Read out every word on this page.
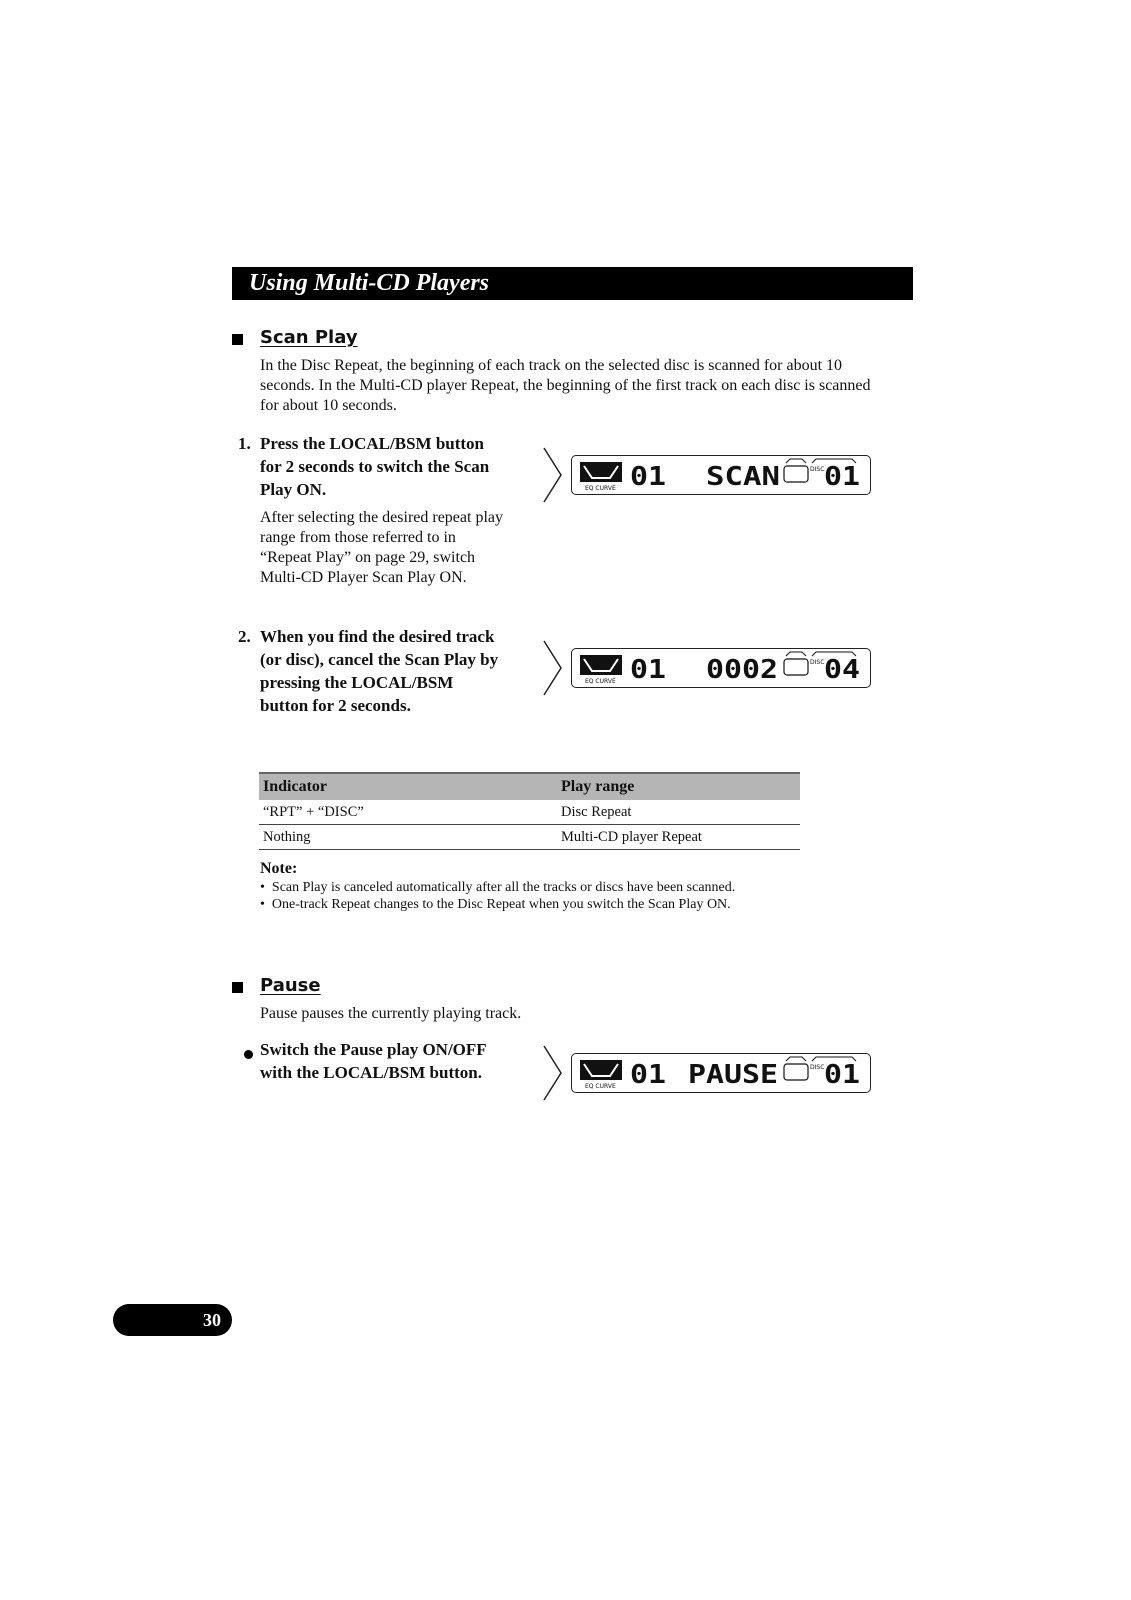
Using Multi-CD Players
Scan Play
In the Disc Repeat, the beginning of each track on the selected disc is scanned for about 10
seconds. In the Multi-CD player Repeat, the beginning of the first track on each disc is scanned
for about 10 seconds.
1. Press the LOCAL/BSM button
for 2 seconds to switch the Scan
Play ON.
After selecting the desired repeat play
range from those referred to in
“Repeat Play” on page 29, switch
Multi-CD Player Scan Play ON.
EQ CURVE 01 SCAN	DISC 01
2. When you find the desired track
(or disc), cancel the Scan Play by
pressing the LOCAL/BSM
button for 2 seconds.
EQ CURVE 01 0002	DISC 04
Indicator	Play range
“RPT” + “DISC”	Disc Repeat
Nothing	Multi-CD player Repeat
Note:
•  Scan Play is canceled automatically after all the tracks or discs have been scanned.
•  One-track Repeat changes to the Disc Repeat when you switch the Scan Play ON.
Pause
Pause pauses the currently playing track.
Switch the Pause play ON/OFF
with the LOCAL/BSM button.
EQ CURVE 01 PAUSE	DISC 01
30
